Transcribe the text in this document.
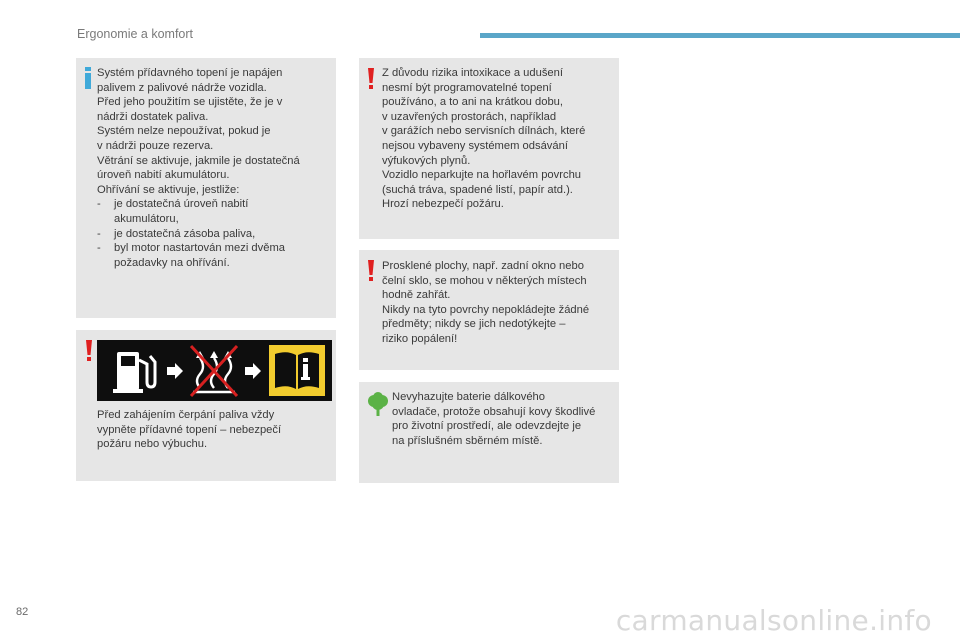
Ergonomie a komfort

Systém přídavného topení je napájen

palivem z palivové nádrže vozidla.

Před jeho použitím se ujistěte, že je v

nádrži dostatek paliva.

Systém nelze nepoužívat, pokud je

v nádrži pouze rezerva.

Větrání se aktivuje, jakmile je dostatečná

úroveň nabití akumulátoru.

Ohřívání se aktivuje, jestliže:

- je dostatečná úroveň nabití
akumulátoru,
- je dostatečná zásoba paliva,
- byl motor nastartován mezi dvěma
požadavky na ohřívání.

Před zahájením čerpání paliva vždy

vypněte přídavné topení – nebezpečí

požáru nebo výbuchu.

Z důvodu rizika intoxikace a udušení

nesmí být programovatelné topení

používáno, a to ani na krátkou dobu,

v uzavřených prostorách, například

v garážích nebo servisních dílnách, které

nejsou vybaveny systémem odsávání

výfukových plynů.

Vozidlo neparkujte na hořlavém povrchu

(suchá tráva, spadené listí, papír atd.).

Hrozí nebezpečí požáru.

Prosklené plochy, např. zadní okno nebo

čelní sklo, se mohou v některých místech

hodně zahřát.

Nikdy na tyto povrchy nepokládejte žádné

předměty; nikdy se jich nedotýkejte –

riziko popálení!

Nevyhazujte baterie dálkového

ovladače, protože obsahují kovy škodlivé

pro životní prostředí, ale odevzdejte je

na příslušném sběrném místě.

82	carmanualsonline.info
